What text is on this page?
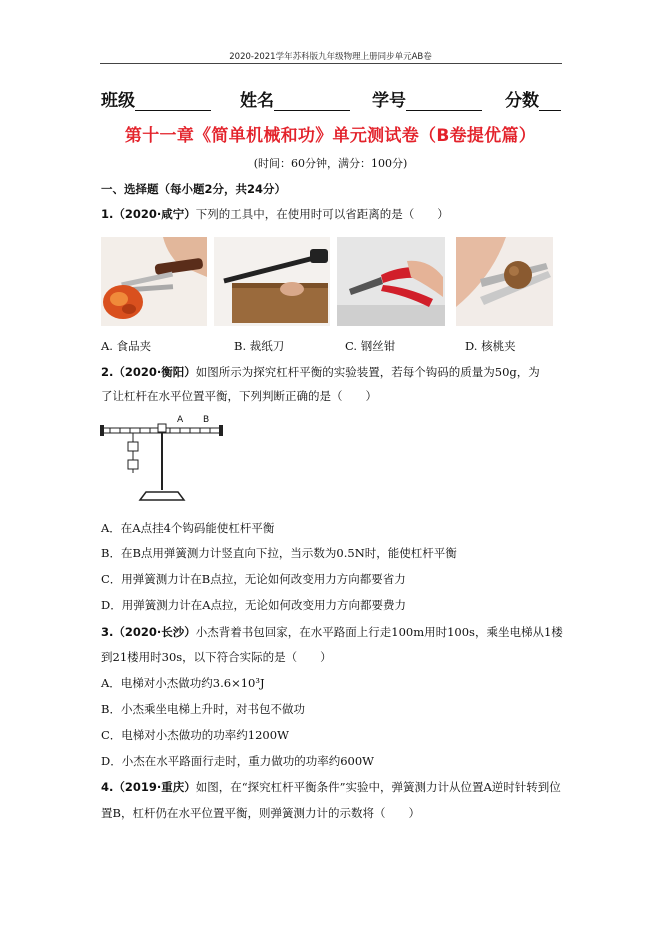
2020-2021学年苏科版九年级物理上册同步单元AB卷
班级	姓名	学号	分数
第十一章《简单机械和功》单元测试卷（B卷提优篇）
(时间：60分钟，满分：100分)
一、选择题（每小题2分，共24分）
1.（2020·咸宁）下列的工具中，在使用时可以省距离的是（　　）
A. 食品夹	B. 裁纸刀	C. 钢丝钳	D. 核桃夹
2.（2020·衡阳）如图所示为探究杠杆平衡的实验装置，若每个钩码的质量为50g，为
了让杠杆在水平位置平衡，下列判断正确的是（　　）
A B
A．在A点挂4个钩码能使杠杆平衡
B．在B点用弹簧测力计竖直向下拉，当示数为0.5N时，能使杠杆平衡
C．用弹簧测力计在B点拉，无论如何改变用力方向都要省力
D．用弹簧测力计在A点拉，无论如何改变用力方向都要费力
3.（2020·长沙）小杰背着书包回家，在水平路面上行走100m用时100s，乘坐电梯从1楼
到21楼用时30s，以下符合实际的是（　　）
A．电梯对小杰做功约3.6×10³J
B．小杰乘坐电梯上升时，对书包不做功
C．电梯对小杰做功的功率约1200W
D．小杰在水平路面行走时，重力做功的功率约600W
4.（2019·重庆）如图，在“探究杠杆平衡条件”实验中，弹簧测力计从位置A逆时针转到位
置B，杠杆仍在水平位置平衡，则弹簧测力计的示数将（　　）
